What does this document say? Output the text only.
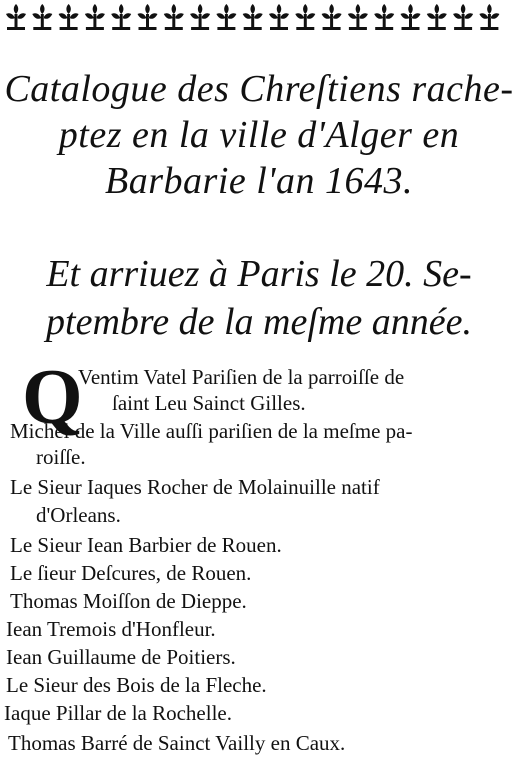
Catalogue des Chreſtiens rache-
ptez en la ville d'Alger en
Barbarie l'an 1643.
Et arriuez à Paris le 20. Se-
ptembre de la meſme année.
Q
Ventim Vatel Pariſien de la parroiſſe de
ſaint Leu Sainct Gilles.
Michel de la Ville auſſi pariſien de la meſme pa-
roiſſe.
Le Sieur Iaques Rocher de Molainuille natif
d'Orleans.
Le Sieur Iean Barbier de Rouen.
Le ſieur Deſcures, de Rouen.
Thomas Moiſſon de Dieppe.
Iean Tremois d'Honfleur.
Iean Guillaume de Poitiers.
Le Sieur des Bois de la Fleche.
Iaque Pillar de la Rochelle.
Thomas Barré de Sainct Vailly en Caux.
